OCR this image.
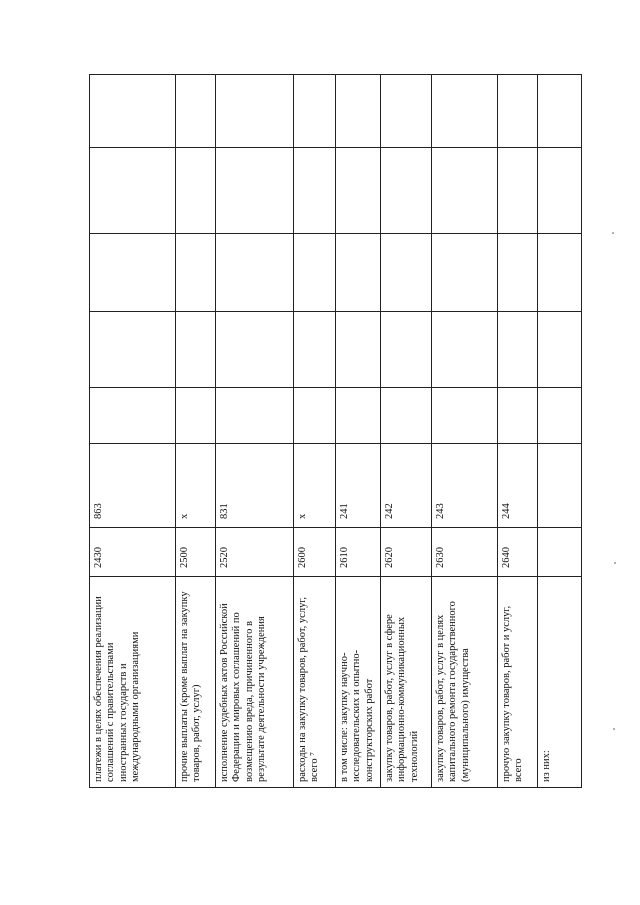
платежи в целях обеспечения реализации соглашений с правительствами иностранных государств и международными организациями	2430	863						
прочие выплаты (кроме выплат на закупку товаров, работ, услуг)	2500	x						
исполнение судебных актов Российской Федерации и мировых соглашений по возмещению вреда, причиненного в результате деятельности учреждения	2520	831						
расходы на закупку товаров, работ, услуг, всего ⁷	2600	x						
в том числе: закупку научно-исследовательских и опытно-конструкторских работ	2610	241						
закупку товаров, работ, услуг в сфере информационно-коммуникационных технологий	2620	242						
закупку товаров, работ, услуг в целях капитального ремонта государственного (муниципального) имущества	2630	243						
прочую закупку товаров, работ и услуг, всего	2640	244						
из них:								
